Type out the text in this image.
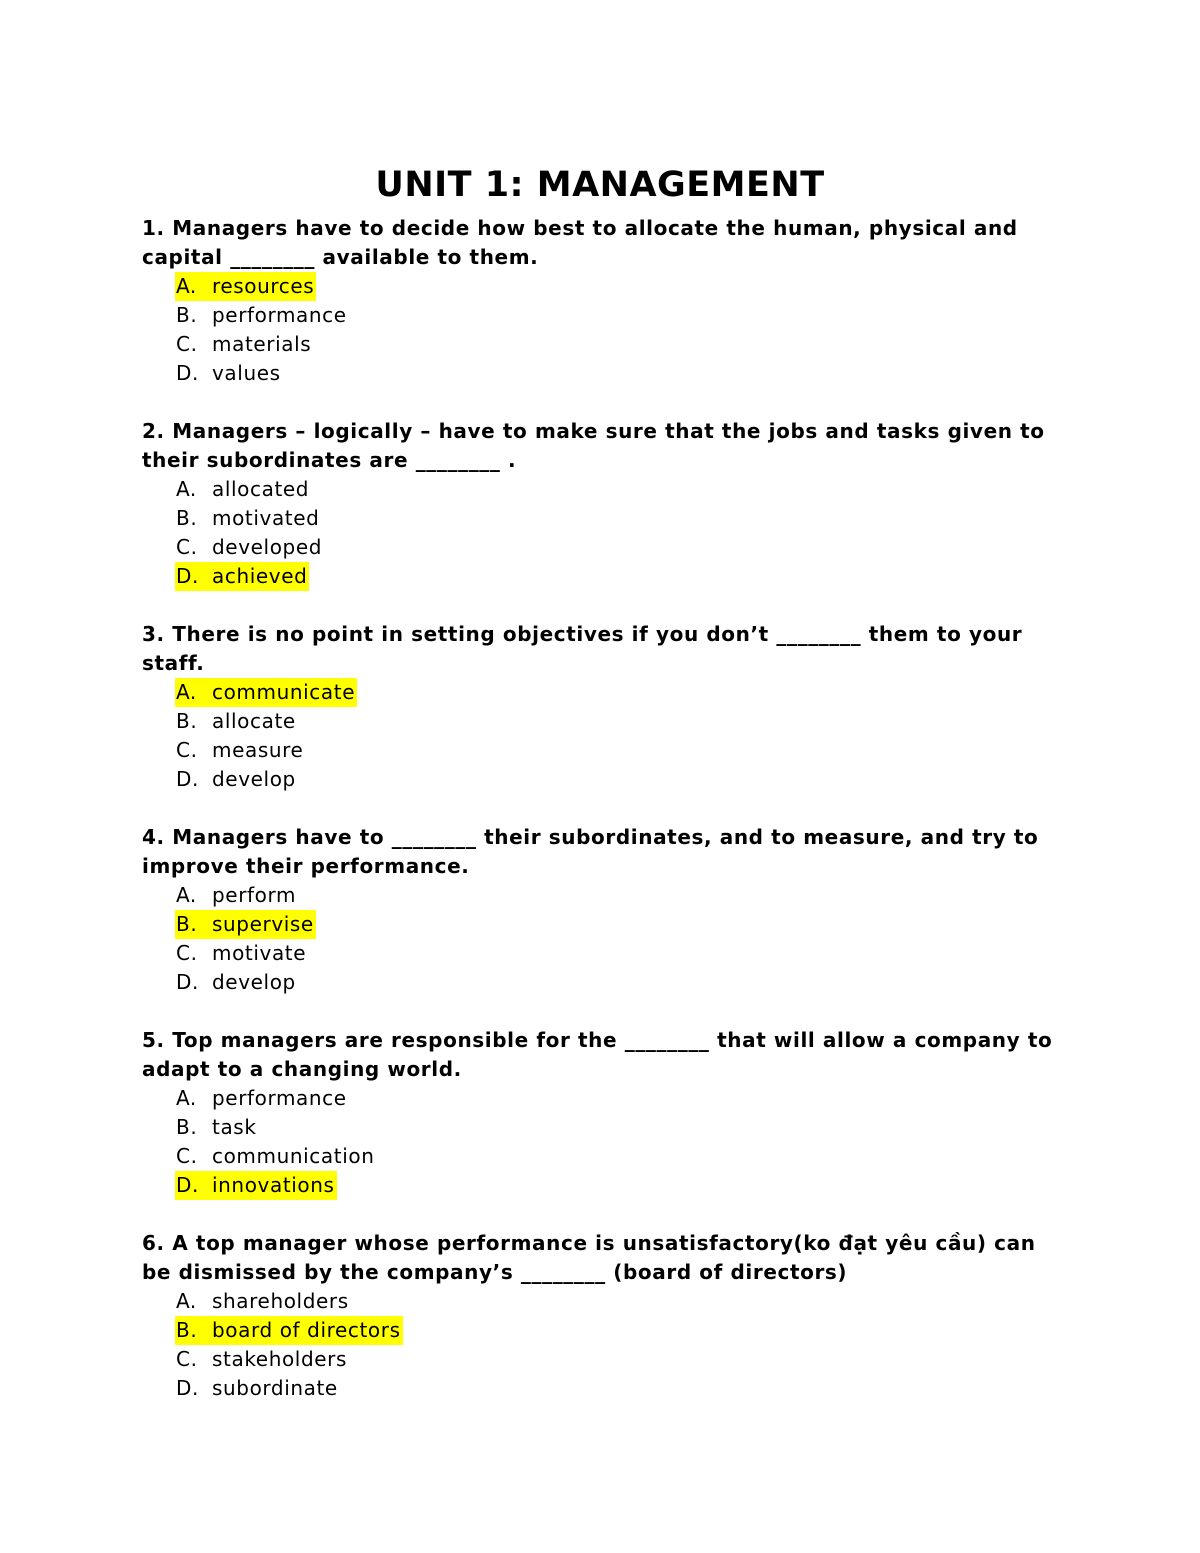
UNIT 1: MANAGEMENT

1. Managers have to decide how best to allocate the human, physical and capital ________ available to them.

A. resources
B. performance
C. materials
D. values

2. Managers – logically – have to make sure that the jobs and tasks given to their subordinates are ________ .

A. allocated
B. motivated
C. developed
D. achieved

3. There is no point in setting objectives if you don’t ________ them to your staff.

A. communicate
B. allocate
C. measure
D. develop

4. Managers have to ________ their subordinates, and to measure, and try to improve their performance.

A. perform
B. supervise
C. motivate
D. develop

5. Top managers are responsible for the ________ that will allow a company to adapt to a changing world.

A. performance
B. task
C. communication
D. innovations

6. A top manager whose performance is unsatisfactory(ko đạt yêu cầu) can be dismissed by the company’s ________ (board of directors)

A. shareholders
B. board of directors
C. stakeholders
D. subordinate
